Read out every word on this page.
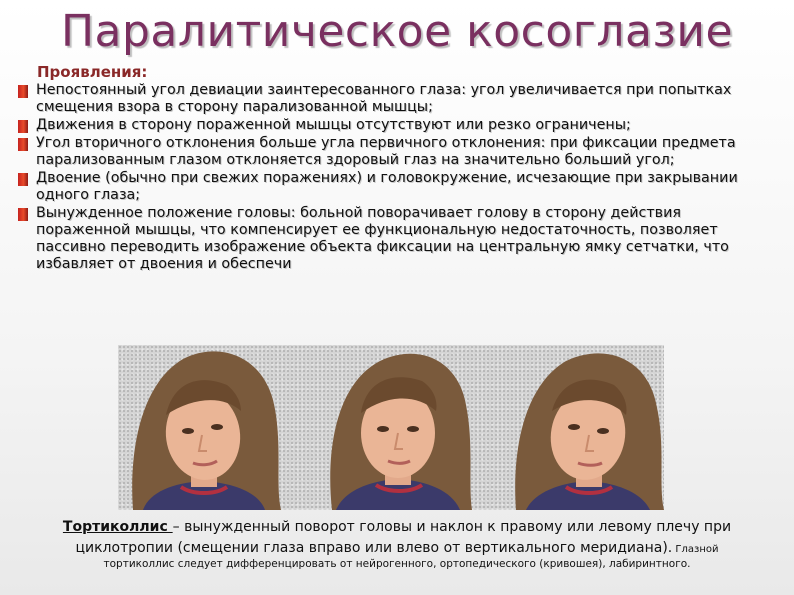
Паралитическое косоглазие
Проявления:
Непостоянный угол девиации заинтересованного глаза: угол увеличивается при попытках смещения взора в сторону парализованной мышцы;
Движения в сторону пораженной мышцы отсутствуют или резко ограничены;
Угол вторичного отклонения больше угла первичного отклонения: при фиксации предмета парализованным глазом отклоняется здоровый глаз на значительно больший угол;
Двоение (обычно при свежих поражениях) и головокружение, исчезающие при закрывании одного глаза;
Вынужденное положение головы: больной поворачивает голову в сторону действия пораженной мышцы, что компенсирует ее функциональную недостаточность, позволяет пассивно переводить изображение объекта фиксации на центральную ямку сетчатки, что избавляет от двоения и обеспечи
Тортиколлис – вынужденный поворот головы и наклон к правому или левому плечу при циклотропии (смещении глаза вправо или влево от вертикального меридиана). Глазной
тортиколлис следует дифференцировать от нейрогенного, ортопедического (кривошея), лабиринтного.
